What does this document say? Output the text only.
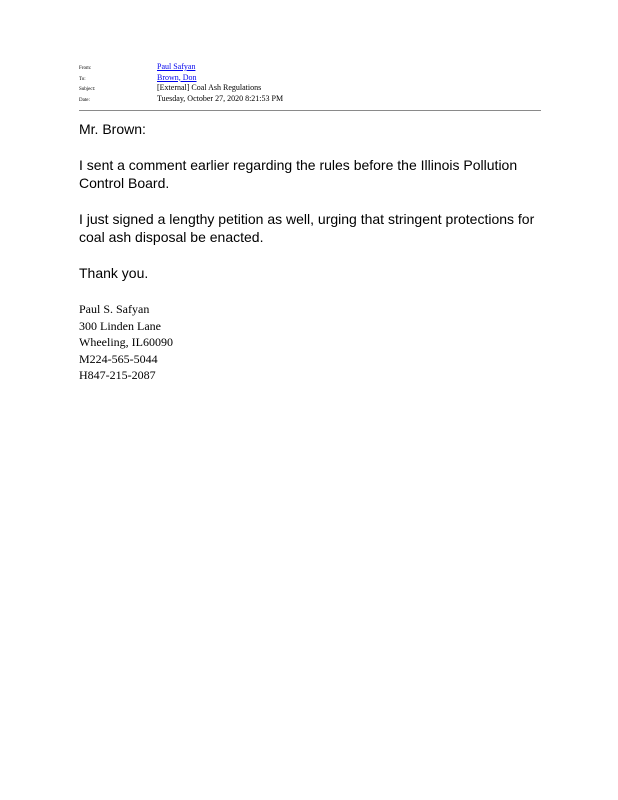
From:	Paul Safyan
To:	Brown, Don
Subject:	[External] Coal Ash Regulations
Date:	Tuesday, October 27, 2020 8:21:53 PM

Mr. Brown:

I sent a comment earlier regarding the rules before the Illinois Pollution Control Board.

I just signed a lengthy petition as well, urging that stringent protections for coal ash disposal be enacted.

Thank you.

Paul S. Safyan
300 Linden Lane
Wheeling, IL60090
M224-565-5044
H847-215-2087
